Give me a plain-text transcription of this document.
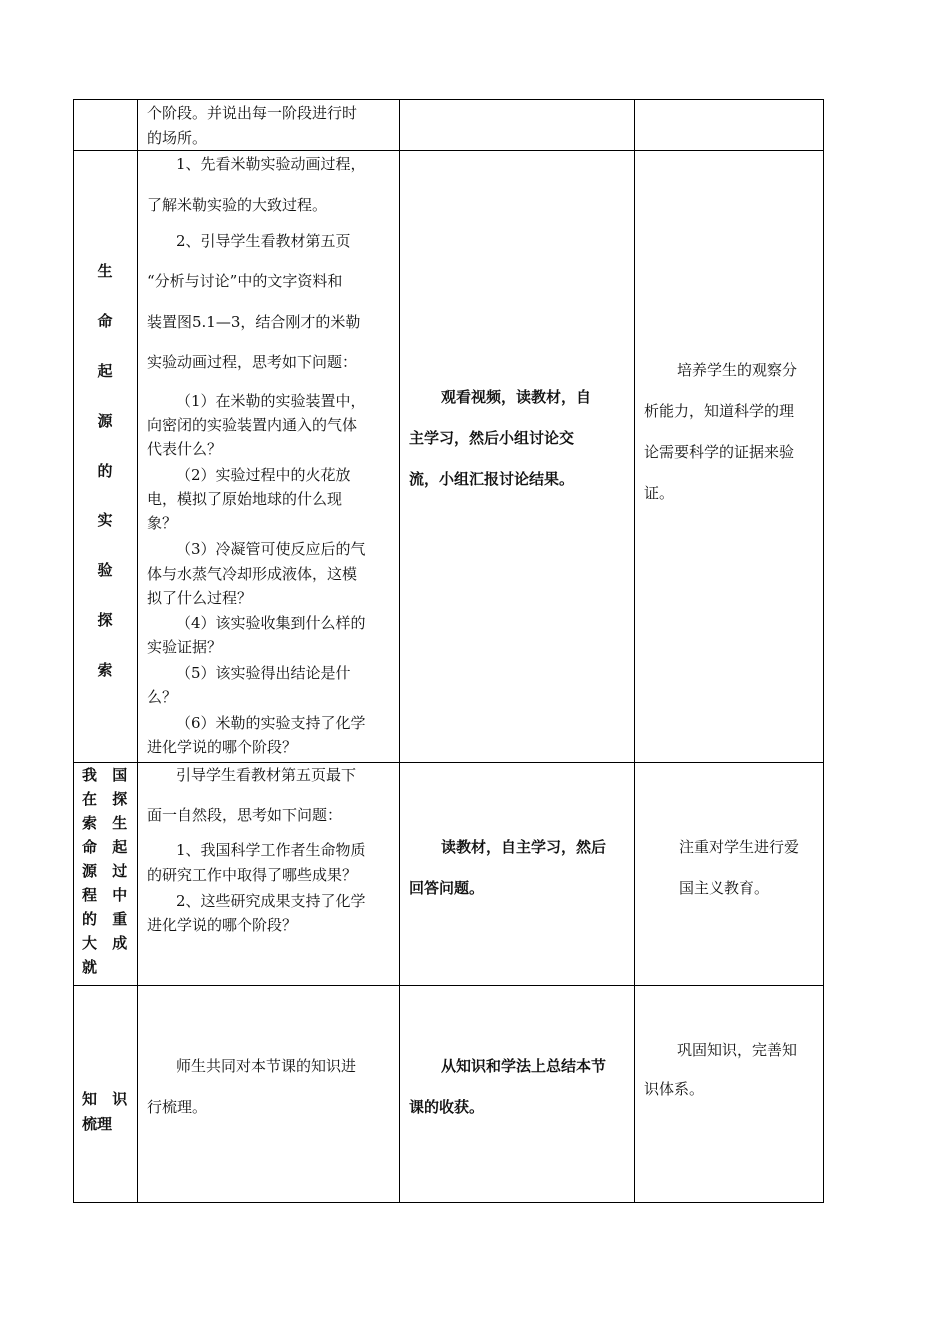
个阶段。并说出每一阶段进行时
的场所。
生
命
起
源
的
实
验
探
索
1、先看米勒实验动画过程，
了解米勒实验的大致过程。
2、引导学生看教材第五页
“分析与讨论”中的文字资料和
装置图5.1—3，结合刚才的米勒
实验动画过程，思考如下问题：
（1）在米勒的实验装置中，
向密闭的实验装置内通入的气体
代表什么？
（2）实验过程中的火花放
电，模拟了原始地球的什么现
象？
（3）冷凝管可使反应后的气
体与水蒸气冷却形成液体，这模
拟了什么过程？
（4）该实验收集到什么样的
实验证据？
（5）该实验得出结论是什
么？
（6）米勒的实验支持了化学
进化学说的哪个阶段？
观看视频，读教材，自
主学习，然后小组讨论交
流，小组汇报讨论结果。
培养学生的观察分
析能力，知道科学的理
论需要科学的证据来验
证。
我 国
在 探
索 生
命 起
源 过
程 中
的 重
大 成
就
引导学生看教材第五页最下
面一自然段，思考如下问题：
1、我国科学工作者生命物质
的研究工作中取得了哪些成果？
2、这些研究成果支持了化学
进化学说的哪个阶段？
读教材，自主学习，然后
回答问题。
注重对学生进行爱
国主义教育。
知 识
梳理
师生共同对本节课的知识进
行梳理。
从知识和学法上总结本节
课的收获。
巩固知识，完善知
识体系。
